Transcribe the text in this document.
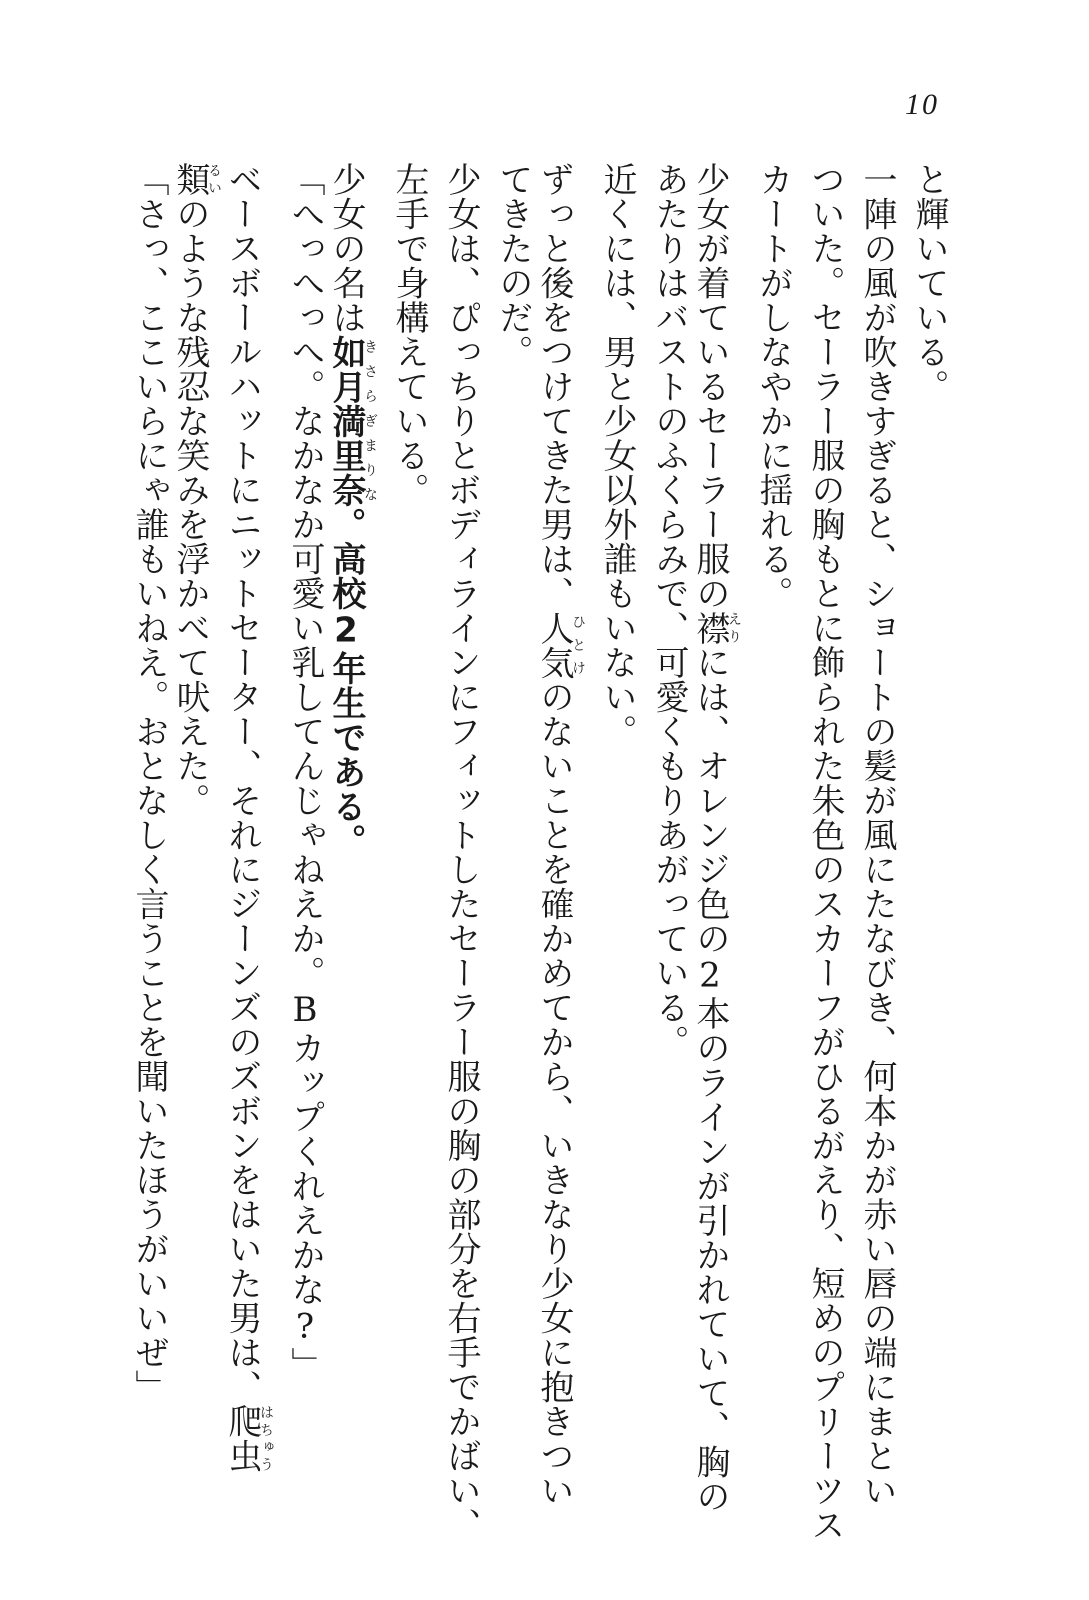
10
と輝いている。
一陣の風が吹きすぎると、ショートの髪が風にたなびき、何本かが赤い唇の端にまとい
ついた。セーラー服の胸もとに飾られた朱色のスカーフがひるがえり、短めのプリーツス
カートがしなやかに揺れる。
少女が着ているセーラー服の襟えりには、オレンジ色の2本のラインが引かれていて、胸の
あたりはバストのふくらみで、可愛くもりあがっている。
近くには、男と少女以外誰もいない。
ずっと後をつけてきた男は、人気ひとけのないことを確かめてから、いきなり少女に抱きつい
てきたのだ。
少女は、ぴっちりとボディラインにフィットしたセーラー服の胸の部分を右手でかばい、
左手で身構えている。
少女の名は如月満里奈きさらぎまりな。高校2年生である。
「へっへっへ。なかなか可愛い乳してんじゃねえか。Bカップくれえかな?」
ベースボールハットにニットセーター、それにジーンズのズボンをはいた男は、爬虫はちゅう
類るいのような残忍な笑みを浮かべて吠えた。
「さっ、ここいらにゃ誰もいねえ。おとなしく言うことを聞いたほうがいいぜ」
